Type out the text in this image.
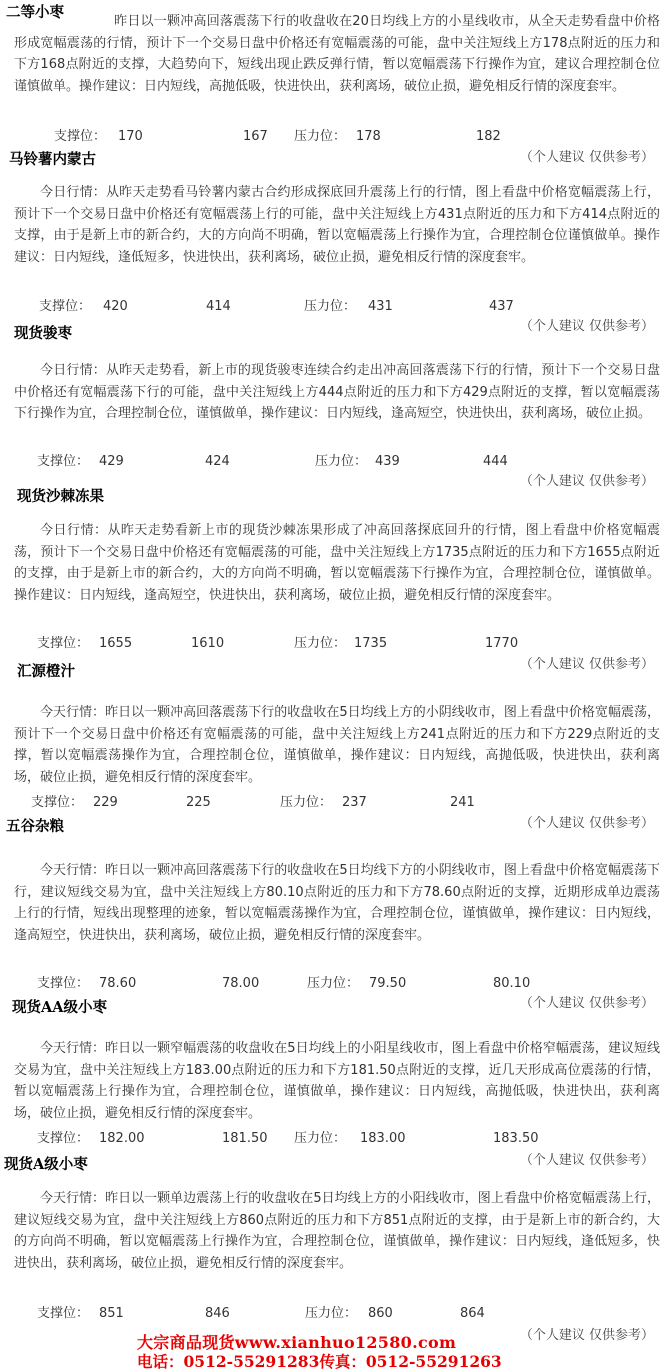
二等小枣

昨日以一颗冲高回落震荡下行的收盘收在20日均线上方的小星线收市，从全天走势看盘中价格形成宽幅震荡的行情，预计下一个交易日盘中价格还有宽幅震荡的可能，盘中关注短线上方178点附近的压力和下方168点附近的支撑，大趋势向下，短线出现止跌反弹行情，暂以宽幅震荡下行操作为宜，建议合理控制仓位谨慎做单。操作建议：日内短线，高抛低吸，快进快出，获利离场，破位止损，避免相反行情的深度套牢。

支撑位： 170	167 压力位： 178	182
（个人建议 仅供参考）
马铃薯内蒙古

今日行情：从昨天走势看马铃薯内蒙古合约形成探底回升震荡上行的行情，图上看盘中价格宽幅震荡上行，预计下一个交易日盘中价格还有宽幅震荡上行的可能，盘中关注短线上方431点附近的压力和下方414点附近的支撑，由于是新上市的新合约，大的方向尚不明确，暂以宽幅震荡上行操作为宜，合理控制仓位谨慎做单。操作建议：日内短线，逢低短多，快进快出，获利离场，破位止损，避免相反行情的深度套牢。

支撑位： 420	414	压力位： 431	437
（个人建议 仅供参考）
现货骏枣

今日行情：从昨天走势看，新上市的现货骏枣连续合约走出冲高回落震荡下行的行情，预计下一个交易日盘中价格还有宽幅震荡下行的可能，盘中关注短线上方444点附近的压力和下方429点附近的支撑，暂以宽幅震荡下行操作为宜，合理控制仓位，谨慎做单，操作建议：日内短线，逢高短空，快进快出，获利离场，破位止损。

支撑位： 429	424	压力位： 439	444
（个人建议 仅供参考）
现货沙棘冻果

今日行情：从昨天走势看新上市的现货沙棘冻果形成了冲高回落探底回升的行情，图上看盘中价格宽幅震荡，预计下一个交易日盘中价格还有宽幅震荡的可能，盘中关注短线上方1735点附近的压力和下方1655点附近的支撑，由于是新上市的新合约，大的方向尚不明确，暂以宽幅震荡下行操作为宜，合理控制仓位，谨慎做单。操作建议：日内短线，逢高短空，快进快出，获利离场，破位止损，避免相反行情的深度套牢。

支撑位： 1655	1610	压力位： 1735	1770
（个人建议 仅供参考）
汇源橙汁

今天行情：昨日以一颗冲高回落震荡下行的收盘收在5日均线上方的小阴线收市，图上看盘中价格宽幅震荡，预计下一个交易日盘中价格还有宽幅震荡的可能，盘中关注短线上方241点附近的压力和下方229点附近的支撑，暂以宽幅震荡操作为宜，合理控制仓位，谨慎做单，操作建议：日内短线，高抛低吸，快进快出，获利离场，破位止损，避免相反行情的深度套牢。

支撑位： 229	225	压力位： 237	241
（个人建议 仅供参考）
五谷杂粮

今天行情：昨日以一颗冲高回落震荡下行的收盘收在5日均线下方的小阴线收市，图上看盘中价格宽幅震荡下行，建议短线交易为宜，盘中关注短线上方80.10点附近的压力和下方78.60点附近的支撑，近期形成单边震荡上行的行情，短线出现整理的迹象，暂以宽幅震荡操作为宜，合理控制仓位，谨慎做单，操作建议：日内短线，逢高短空，快进快出，获利离场，破位止损，避免相反行情的深度套牢。

支撑位： 78.60	78.00	压力位： 79.50	80.10
（个人建议 仅供参考）
现货AA级小枣

今天行情：昨日以一颗窄幅震荡的收盘收在5日均线上的小阳星线收市，图上看盘中价格窄幅震荡，建议短线交易为宜，盘中关注短线上方183.00点附近的压力和下方181.50点附近的支撑，近几天形成高位震荡的行情，暂以宽幅震荡上行操作为宜，合理控制仓位，谨慎做单，操作建议：日内短线，高抛低吸，快进快出，获利离场，破位止损，避免相反行情的深度套牢。

支撑位： 182.00	181.50 压力位： 183.00	183.50
（个人建议 仅供参考）
现货A级小枣

今天行情：昨日以一颗单边震荡上行的收盘收在5日均线上方的小阳线收市，图上看盘中价格宽幅震荡上行，建议短线交易为宜，盘中关注短线上方860点附近的压力和下方851点附近的支撑，由于是新上市的新合约，大的方向尚不明确，暂以宽幅震荡上行操作为宜，合理控制仓位，谨慎做单，操作建议：日内短线，逢低短多，快进快出，获利离场，破位止损，避免相反行情的深度套牢。

支撑位： 851	846	压力位： 860	864
（个人建议 仅供参考）
大宗商品现货www.xianhuo12580.com
电话：0512-55291283传真：0512-55291263
